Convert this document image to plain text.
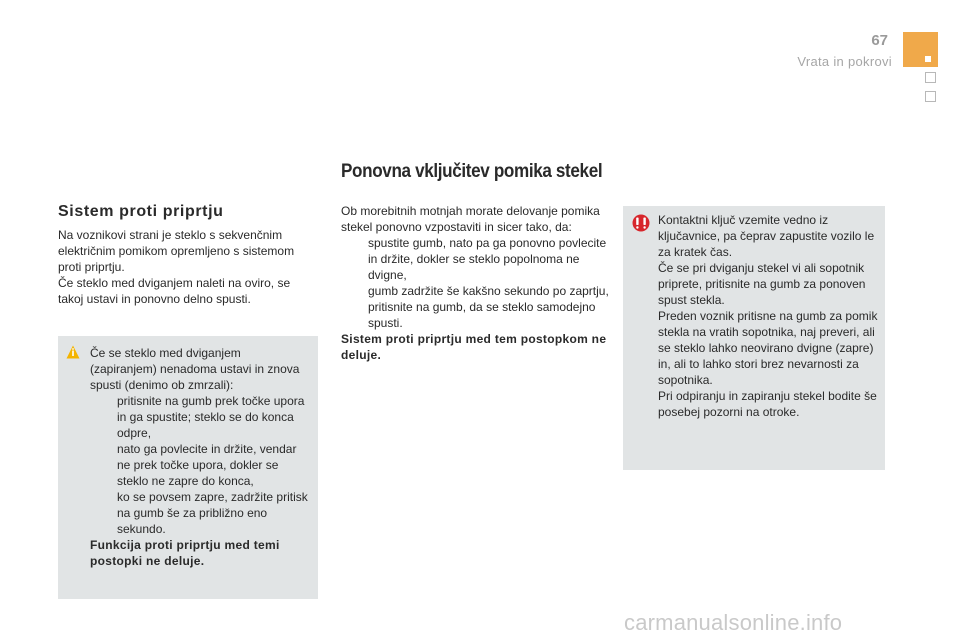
67
Vrata in pokrovi
Ponovna vključitev pomika stekel
Sistem proti priprtju

Na voznikovi strani je steklo s sekvenčnim električnim pomikom opremljeno s sistemom proti priprtju.

Če steklo med dviganjem naleti na oviro, se takoj ustavi in ponovno delno spusti.

Če se steklo med dviganjem (zapiranjem) nenadoma ustavi in znova spusti (denimo ob zmrzali):

pritisnite na gumb prek točke upora in ga spustite; steklo se do konca odpre,
nato ga povlecite in držite, vendar ne prek točke upora, dokler se steklo ne zapre do konca,
ko se povsem zapre, zadržite pritisk na gumb še za približno eno sekundo.
Funkcija proti priprtju med temi postopki ne deluje.

Ob morebitnih motnjah morate delovanje pomika stekel ponovno vzpostaviti in sicer tako, da:

spustite gumb, nato pa ga ponovno povlecite in držite, dokler se steklo popolnoma ne dvigne,
gumb zadržite še kakšno sekundo po zaprtju,
pritisnite na gumb, da se steklo samodejno spusti.
Sistem proti priprtju med tem postopkom ne deluje.

Kontaktni ključ vzemite vedno iz ključavnice, pa čeprav zapustite vozilo le za kratek čas.

Če se pri dviganju stekel vi ali sopotnik priprete, pritisnite na gumb za ponoven spust stekla.

Preden voznik pritisne na gumb za pomik stekla na vratih sopotnika, naj preveri, ali se steklo lahko neovirano dvigne (zapre) in, ali to lahko stori brez nevarnosti za sopotnika.

Pri odpiranju in zapiranju stekel bodite še posebej pozorni na otroke.

carmanualsonline.info
